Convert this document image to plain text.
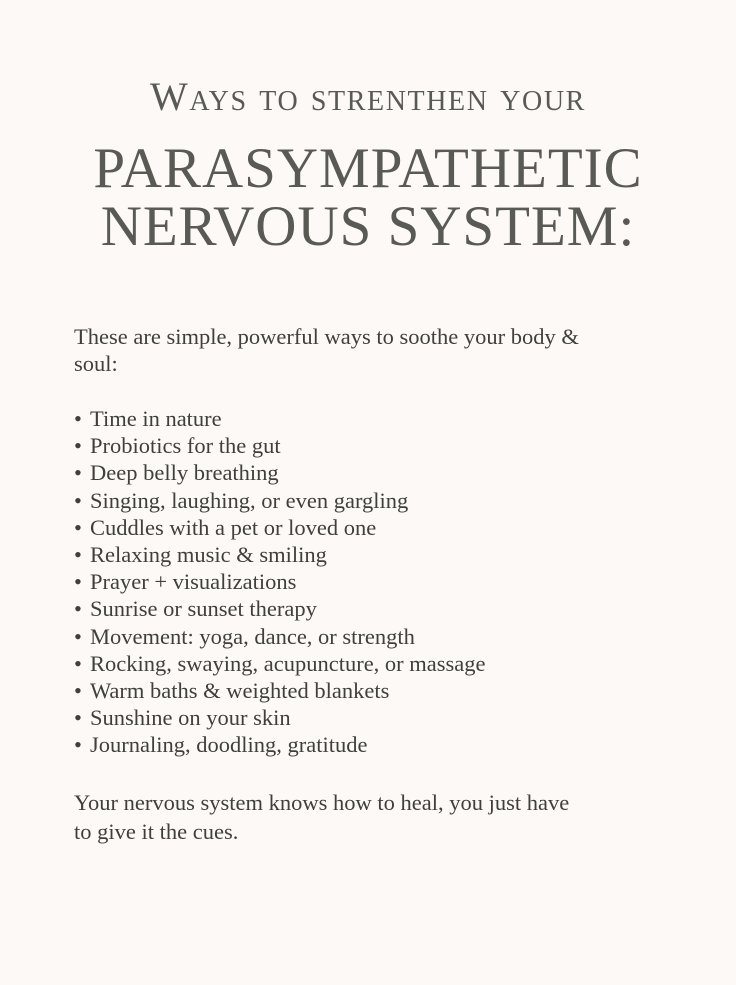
Ways to strenthen your
PARASYMPATHETIC
NERVOUS SYSTEM:
These are simple, powerful ways to soothe your body &
soul:
• Time in nature
• Probiotics for the gut
• Deep belly breathing
• Singing, laughing, or even gargling
• Cuddles with a pet or loved one
• Relaxing music & smiling
• Prayer + visualizations
• Sunrise or sunset therapy
• Movement: yoga, dance, or strength
• Rocking, swaying, acupuncture, or massage
• Warm baths & weighted blankets
• Sunshine on your skin
• Journaling, doodling, gratitude
Your nervous system knows how to heal, you just have
to give it the cues.
